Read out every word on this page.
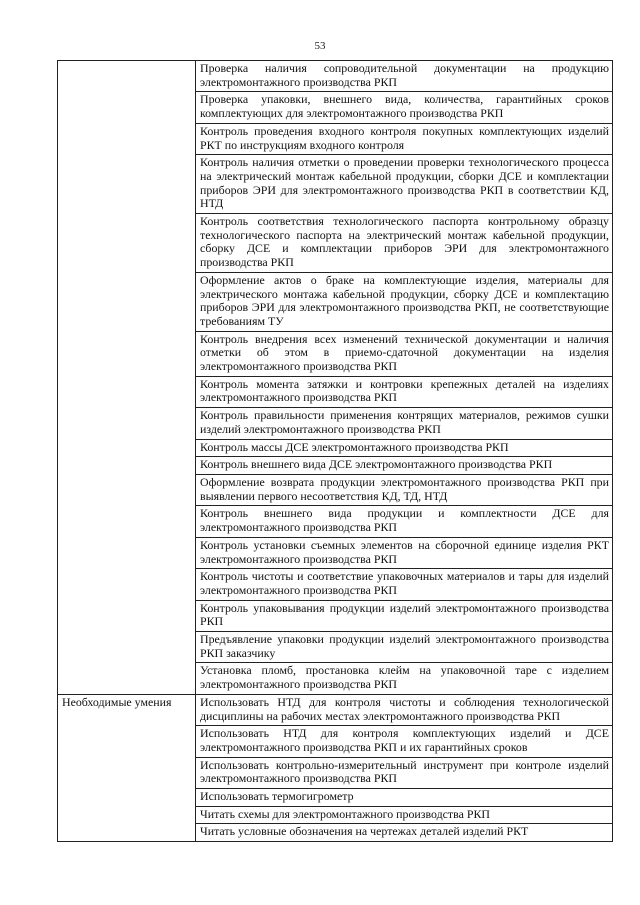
53
	Проверка наличия сопроводительной документации на продукцию электромонтажного производства РКП
	Проверка упаковки, внешнего вида, количества, гарантийных сроков комплектующих для электромонтажного производства РКП
	Контроль проведения входного контроля покупных комплектующих изделий РКТ по инструкциям входного контроля
	Контроль наличия отметки о проведении проверки технологического процесса на электрический монтаж кабельной продукции, сборки ДСЕ и комплектации приборов ЭРИ для электромонтажного производства РКП в соответствии КД, НТД
	Контроль соответствия технологического паспорта контрольному образцу технологического паспорта на электрический монтаж кабельной продукции, сборку ДСЕ и комплектации приборов ЭРИ для электромонтажного производства РКП
	Оформление актов о браке на комплектующие изделия, материалы для электрического монтажа кабельной продукции, сборку ДСЕ и комплектацию приборов ЭРИ для электромонтажного производства РКП, не соответствующие требованиям ТУ
	Контроль внедрения всех изменений технической документации и наличия отметки об этом в приемо-сдаточной документации на изделия электромонтажного производства РКП
	Контроль момента затяжки и контровки крепежных деталей на изделиях электромонтажного производства РКП
	Контроль правильности применения контрящих материалов, режимов сушки изделий электромонтажного производства РКП
	Контроль массы ДСЕ электромонтажного производства РКП
	Контроль внешнего вида ДСЕ электромонтажного производства РКП
	Оформление возврата продукции электромонтажного производства РКП при выявлении первого несоответствия КД, ТД, НТД
	Контроль внешнего вида продукции и комплектности ДСЕ для электромонтажного производства РКП
	Контроль установки съемных элементов на сборочной единице изделия РКТ электромонтажного производства РКП
	Контроль чистоты и соответствие упаковочных материалов и тары для изделий электромонтажного производства РКП
	Контроль упаковывания продукции изделий электромонтажного производства РКП
	Предъявление упаковки продукции изделий электромонтажного производства РКП заказчику
	Установка пломб, простановка клейм на упаковочной таре с изделием электромонтажного производства РКП
Необходимые умения	Использовать НТД для контроля чистоты и соблюдения технологической дисциплины на рабочих местах электромонтажного производства РКП
	Использовать НТД для контроля комплектующих изделий и ДСЕ электромонтажного производства РКП и их гарантийных сроков
	Использовать контрольно-измерительный инструмент при контроле изделий электромонтажного производства РКП
	Использовать термогигрометр
	Читать схемы для электромонтажного производства РКП
	Читать условные обозначения на чертежах деталей изделий РКТ
